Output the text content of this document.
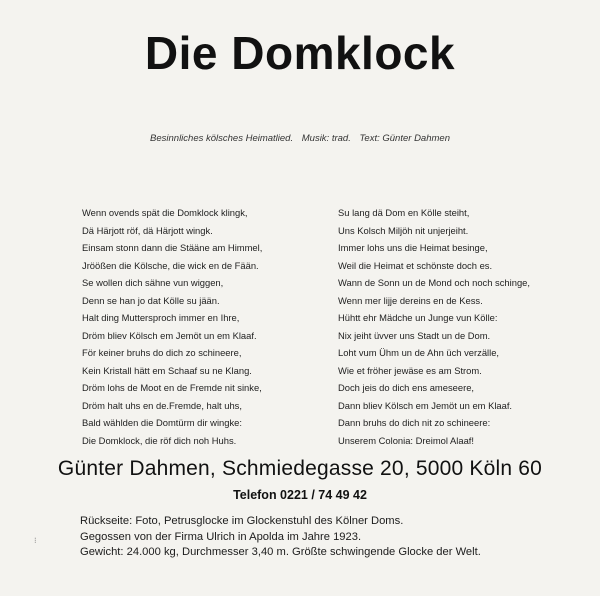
Die Domklock
Besinnliches kölsches Heimatlied. Musik: trad. Text: Günter Dahmen
Wenn ovends spät die Domklock klingk,
Dä Härjott röf, dä Härjott wingk.
Einsam stonn dann die Stääne am Himmel,
Jröößen die Kölsche, die wick en de Fään.
Se wollen dich sähne vun wiggen,
Denn se han jo dat Kölle su jään.
Halt ding Muttersproch immer en Ihre,
Dröm bliev Kölsch em Jemöt un em Klaaf.
För keiner bruhs do dich zo schineere,
Kein Kristall hätt em Schaaf su ne Klang.
Dröm lohs de Moot en de Fremde nit sinke,
Dröm halt uhs en de.Fremde, halt uhs,
Bald wählden die Domtürm dir wingke:
Die Domklock, die röf dich noh Huhs.
Su lang dä Dom en Kölle steiht,
Uns Kolsch Miljöh nit unjerjeiht.
Immer lohs uns die Heimat besinge,
Weil die Heimat et schönste doch es.
Wann de Sonn un de Mond och noch schinge,
Wenn mer lijje dereins en de Kess.
Hühtt ehr Mädche un Junge vun Kölle:
Nix jeiht üvver uns Stadt un de Dom.
Loht vum Ühm un de Ahn üch verzälle,
Wie et fröher jewäse es am Strom.
Doch jeis do dich ens ameseere,
Dann bliev Kölsch em Jemöt un em Klaaf.
Dann bruhs do dich nit zo schineere:
Unserem Colonia: Dreimol Alaaf!
Günter Dahmen, Schmiedegasse 20, 5000 Köln 60
Telefon 0221 / 74 49 42
Rückseite: Foto, Petrusglocke im Glockenstuhl des Kölner Doms.
Gegossen von der Firma Ulrich in Apolda im Jahre 1923.
Gewicht: 24.000 kg, Durchmesser 3,40 m. Größte schwingende Glocke der Welt.
⁝
